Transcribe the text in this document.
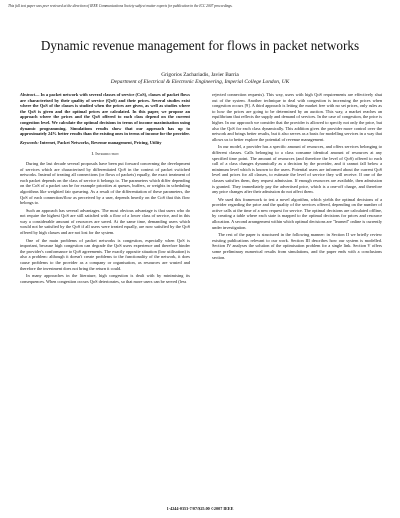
This full text paper was peer reviewed at the direction of IEEE Communications Society subject matter experts for publication in the ICC 2007 proceedings.
Dynamic revenue management for flows in packet networks
Grigorios Zachariadis, Javier Barria
Department of Electrical & Electronic Engineering, Imperial College London, UK

Abstract— In a packet network with several classes of service (CoS), classes of packet flows are characterised by their quality of service (QoS) and their prices. Several studies exist where the QoS of the classes is studied when the prices are given, as well as studies where the QoS is given and the optimal prices are calculated. In this paper, we propose an approach where the prices and the QoS offered to each class depend on the current congestion level. We calculate the optimal decisions in terms of income maximisation using dynamic programming. Simulations results show that our approach has up to approximately 24% better results than the existing ones in terms of income for the provider.

Keywords: Internet, Packet Networks, Revenue management, Pricing, Utility

I. Introduction

During the last decade several proposals have been put forward concerning the development of services which are characterised by differentiated QoS in the context of packet switched networks. Instead of treating all connections (or flows of packets) equally, the exact treatment of each packet depends on the class of service it belongs to. The parameters which differ depending on the CoS of a packet can be for example priorities at queues, buffers, or weights in scheduling algorithms like weighted fair queueing. As a result of the differentiation of these parameters, the QoS of each connection/flow as perceived by a user, depends heavily on the CoS that this flow belongs to.

Such an approach has several advantages. The most obvious advantage is that users who do not require the highest QoS are still satisfied with a flow of a lower class of service, and in this way a considerable amount of resources are saved. At the same time, demanding users which would not be satisfied by the QoS if all users were treated equally, are now satisfied by the QoS offered by high classes and are not lost for the system.

One of the main problems of packet networks is congestion, especially when QoS is important, because high congestion can degrade the QoS users experience and therefore hinder the provider's conformance to QoS agreements. The exactly opposite situation (low utilisation) is also a problem: although it doesn't create problems to the functionality of the network, it does cause problems to the provider as a company or organisation, as resources are wasted and therefore the investment does not bring the return it could.

In many approaches in the literature, high congestion is dealt with by minimising its consequences. When congestion occurs QoS deteriorates, so that more users can be served (less

rejected connection requests). This way, users with high QoS requirements are effectively shut out of the system. Another technique to deal with congestion is increasing the prices when congestion occurs [9]. A third approach is letting the market free with no set prices, only rules as to how the prices are going to be determined by an auction. This way, a market reaches an equilibrium that reflects the supply and demand of services. In the case of congestion, the price is higher. In our approach we consider that the provider is allowed to specify not only the price, but also the QoS for each class dynamically. This addition gives the provider more control over the network and brings better results, but it also serves as a basis for modelling services in a way that allows us to better explore the potential of revenue management.

In our model, a provider has a specific amount of resources, and offers services belonging to different classes. Calls belonging to a class consume identical amount of resources at any specified time point. The amount of resources (and therefore the level of QoS) offered to each call of a class changes dynamically as a decision by the provider, and it cannot fall below a minimum level which is known to the users. Potential users are informed about the current QoS level and prices for all classes, to estimate the level of service they will receive. If one of the classes satisfies them, they request admission. If enough resources are available, then admission is granted. They immediately pay the advertised price, which is a one-off charge, and therefore any price changes after their admission do not affect them.

We used this framework to test a novel algorithm, which yields the optimal decisions of a provider regarding the price and the quality of the services offered, depending on the number of active calls at the time of a new request for service. The optimal decisions are calculated offline, by creating a table where each state is mapped to the optimal decisions for prices and resource allocation. A second arrangement within which optimal decisions are "learned" online is currently under investigation.

The rest of the paper is structured in the following manner: in Section II we briefly review existing publications relevant to our work. Section III describes how our system is modelled. Section IV analyses the solution of the optimisation problem for a single link. Section V offers some preliminary numerical results from simulations, and the paper ends with a conclusions section.

1-4244-0353-7/07/$25.00 ©2007 IEEE
